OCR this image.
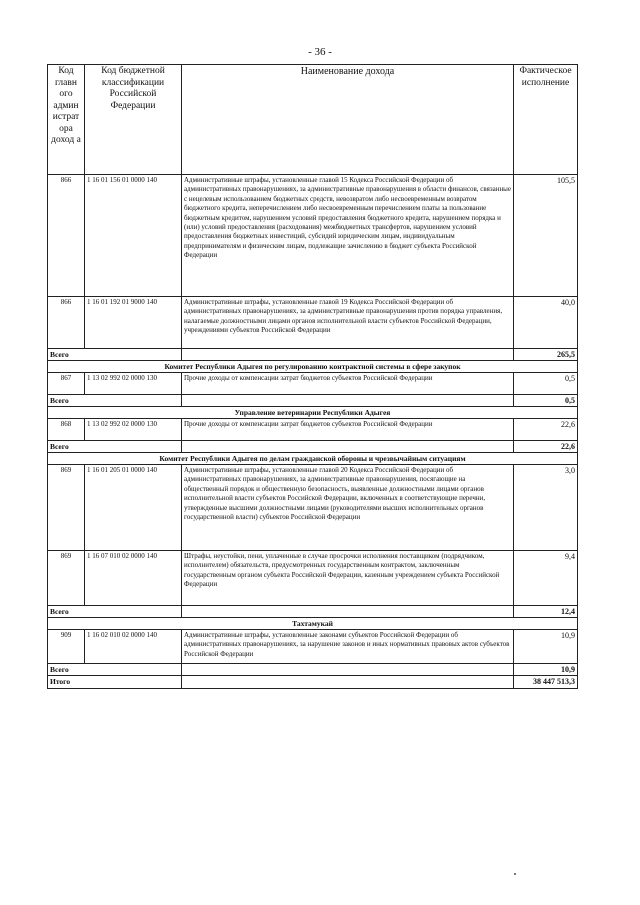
- 36 -
Код главн ого админ истрат ора доход а	Код бюджетной классификации Российской Федерации	Наименование дохода	Фактическое исполнение
866	1 16 01 156 01 0000 140	Административные штрафы, установленные главой 15 Кодекса Российской Федерации об административных правонарушениях, за административные правонарушения в области финансов, связанные с нецелевым использованием бюджетных средств, невозвратом либо несвоевременным возвратом бюджетного кредита, неперечислением либо несвоевременным перечислением платы за пользование бюджетным кредитом, нарушением условий предоставления бюджетного кредита, нарушением порядка и (или) условий предоставления (расходования) межбюджетных трансфертов, нарушением условий предоставления бюджетных инвестиций, субсидий юридическим лицам, индивидуальным предпринимателям и физическим лицам, подлежащие зачислению в бюджет субъекта Российской Федерации	105,5
866	1 16 01 192 01 9000 140	Административные штрафы, установленные главой 19 Кодекса Российской Федерации об административных правонарушениях, за административные правонарушения против порядка управления, налагаемые должностными лицами органов исполнительной власти субъектов Российской Федерации, учреждениями субъектов Российской Федерации	40,0
Всего			265,5
Комитет Республики Адыгея по регулированию контрактной системы в сфере закупок			
867	1 13 02 992 02 0000 130	Прочие доходы от компенсации затрат бюджетов субъектов Российской Федерации	0,5
Всего			0,5
Управление ветеринарии Республики Адыгея			
868	1 13 02 992 02 0000 130	Прочие доходы от компенсации затрат бюджетов субъектов Российской Федерации	22,6
Всего			22,6
Комитет Республики Адыгея по делам гражданской обороны и чрезвычайным ситуациям			
869	1 16 01 205 01 0000 140	Административные штрафы, установленные главой 20 Кодекса Российской Федерации об административных правонарушениях, за административные правонарушения, посягающие на общественный порядок и общественную безопасность, выявленные должностными лицами органов исполнительной власти субъектов Российской Федерации, включенных в соответствующие перечни, утвержденные высшими должностными лицами (руководителями высших исполнительных органов государственной власти) субъектов Российской Федерации	3,0
869	1 16 07 010 02 0000 140	Штрафы, неустойки, пени, уплаченные в случае просрочки исполнения поставщиком (подрядчиком, исполнителем) обязательств, предусмотренных государственным контрактом, заключенным государственным органом субъекта Российской Федерации, казенным учреждением субъекта Российской Федерации	9,4
Всего			12,4
Тахтамукай			
909	1 16 02 010 02 0000 140	Административные штрафы, установленные законами субъектов Российской Федерации об административных правонарушениях, за нарушение законов и иных нормативных правовых актов субъектов Российской Федерации	10,9
Всего			10,9
Итого			38 447 513,3
